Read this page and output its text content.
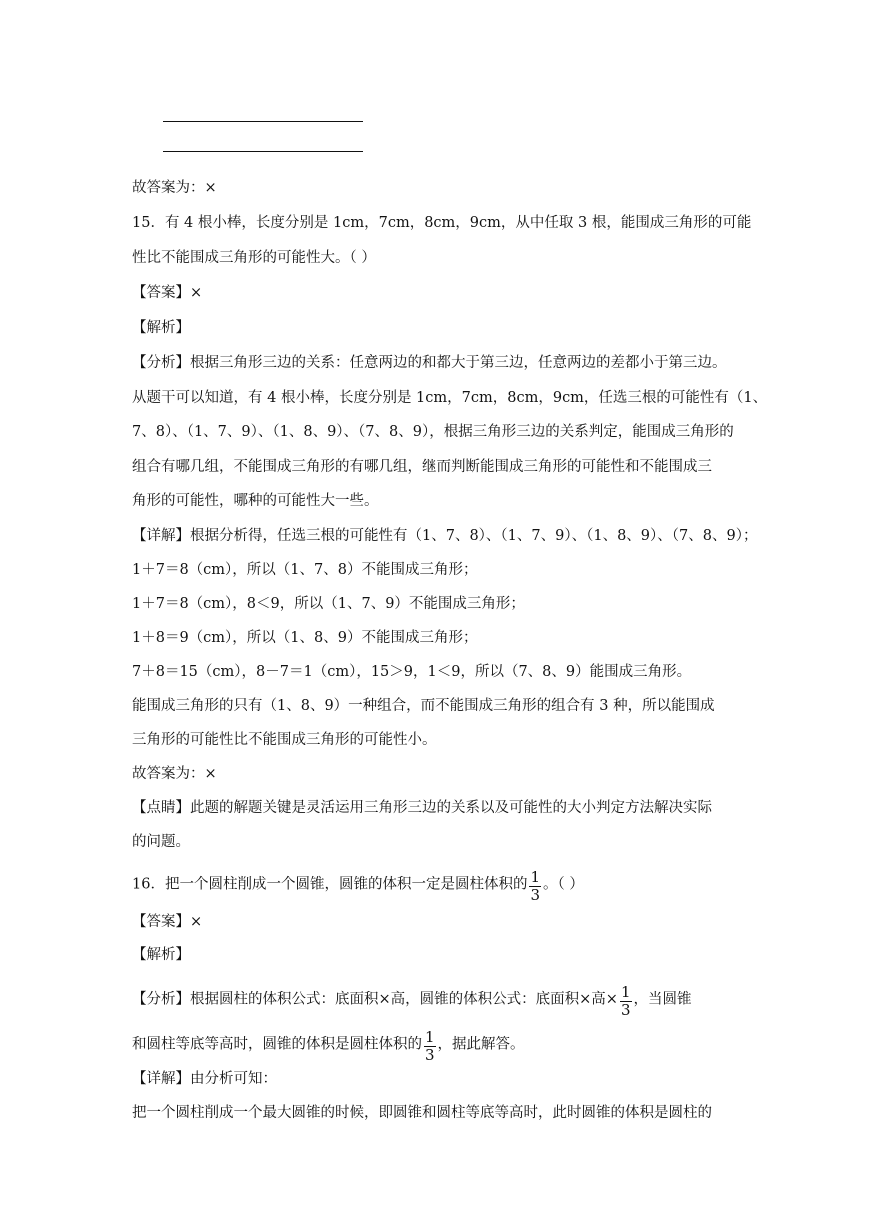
故答案为：×
15．有 4 根小棒，长度分别是 1cm，7cm，8cm，9cm，从中任取 3 根，能围成三角形的可能
性比不能围成三角形的可能性大。（ ）
【答案】×
【解析】
【分析】根据三角形三边的关系：任意两边的和都大于第三边，任意两边的差都小于第三边。
从题干可以知道，有 4 根小棒，长度分别是 1cm，7cm，8cm，9cm，任选三根的可能性有（1、
7、8）、（1、7、9）、（1、8、9）、（7、8、9），根据三角形三边的关系判定，能围成三角形的
组合有哪几组，不能围成三角形的有哪几组，继而判断能围成三角形的可能性和不能围成三
角形的可能性，哪种的可能性大一些。
【详解】根据分析得，任选三根的可能性有（1、7、8）、（1、7、9）、（1、8、9）、（7、8、9）；
1＋7＝8（cm），所以（1、7、8）不能围成三角形；
1＋7＝8（cm），8＜9，所以（1、7、9）不能围成三角形；
1＋8＝9（cm），所以（1、8、9）不能围成三角形；
7＋8＝15（cm），8－7＝1（cm），15＞9，1＜9，所以（7、8、9）能围成三角形。
能围成三角形的只有（1、8、9）一种组合，而不能围成三角形的组合有 3 种，所以能围成
三角形的可能性比不能围成三角形的可能性小。
故答案为：×
【点睛】此题的解题关键是灵活运用三角形三边的关系以及可能性的大小判定方法解决实际
的问题。
16．把一个圆柱削成一个圆锥，圆锥的体积一定是圆柱体积的 $\frac{1}{3}$ 。（ ）
【答案】×
【解析】
【分析】根据圆柱的体积公式：底面积×高，圆锥的体积公式：底面积×高× $\frac{1}{3}$ ，当圆锥
和圆柱等底等高时，圆锥的体积是圆柱体积的 $\frac{1}{3}$ ，据此解答。
【详解】由分析可知：
把一个圆柱削成一个最大圆锥的时候，即圆锥和圆柱等底等高时，此时圆锥的体积是圆柱的
